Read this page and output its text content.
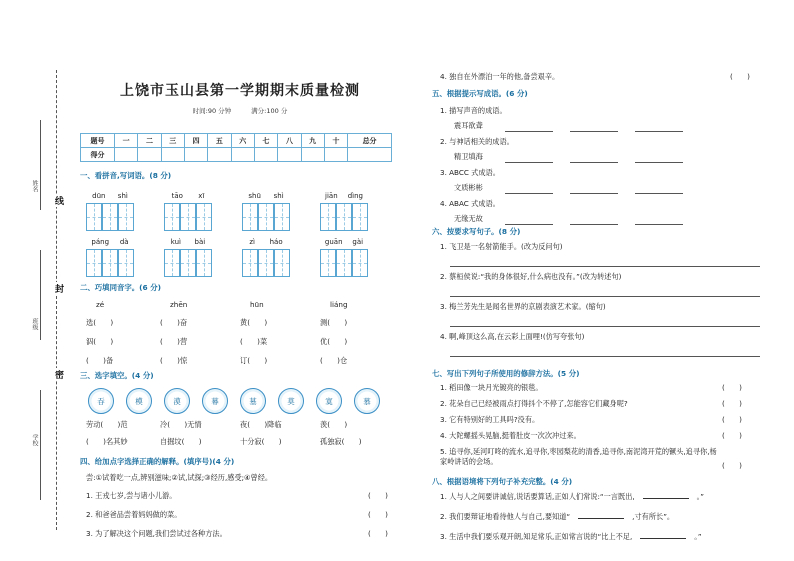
姓名
班级
学校
线
封
密
上饶市玉山县第一学期期末质量检测
时间:90 分钟	满分:100 分
题号	一	二	三	四	五	六	七	八	九	十	总分
得分											
一、看拼音,写词语。(8 分)
dūn shì	tāo xī	shū shì	jiān dìng
páng dà	kuì bài	zì háo	guān gài
二、巧填同音字。(6 分)
zé	zhēn	hūn	liáng
选(　　)	(　　)奋	黄(　　)	测(　　)
泅(　　)	(　　)营	(　　)菜	优(　　)
(　　)备	(　　)惊	订(　　)	(　　)仓
三、选字填空。(4 分)
吞	模	漠	幕	墓	莫	寞	慕
劳动(　　)范	冷(　　)无情	夜(　　)降临	羡(　　)
(　　)名其妙	自掘坟(　　)	十分寂(　　)	孤独寂(　　)
四、给加点字选择正确的解释。(填序号)(4 分)
尝:①试着吃一点,辨别滋味;②试,试探;③经历,感受;④曾经。
1. 王戎七岁,尝与诸小儿游。	(　　)
2. 和爸爸品尝着妈妈做的菜。	(　　)
3. 为了解决这个问题,我们尝试过各种方法。	(　　)
4. 独自在外漂泊一年的他,备尝艰辛。	(　　)
五、根据提示写成语。(6 分)
1. 描写声音的成语。
震耳欲聋
2. 与神话相关的成语。
精卫填海
3. ABCC 式成语。
文质彬彬
4. ABAC 式成语。
无缘无故
六、按要求写句子。(8 分)
1. 飞卫是一名射箭能手。(改为反问句)
2. 蔡桓侯说:“我的身体很好,什么病也没有。”(改为转述句)
3. 梅兰芳先生是闻名世界的京剧表演艺术家。(缩句)
4. 啊,峰顶这么高,在云彩上面哩!(仿写夸张句)
七、写出下列句子所使用的修辞方法。(5 分)
1. 稻田像一块月光镀亮的银毯。	(　　)
2. 花朵自己已经被雨点打得抖个不停了,怎能容它们藏身呢?	(　　)
3. 它有特别好的工具吗?没有。	(　　)
4. 大陀螺摇头晃脑,挺着肚皮一次次冲过来。	(　　)
5. 追寻你,延河叮咚的流水,追寻你,枣园梨花的清香,追寻你,南泥湾开荒的镢头,追寻你,杨家岭讲话的会场。	(　　)
八、根据语境将下列句子补充完整。(4 分)
1. 人与人之间要讲诚信,说话要算话,正如人们常说:“一言既出,	。”
2. 我们要辩证地看待他人与自己,要知道“	,寸有所长”。
3. 生活中我们要乐观开朗,知足常乐,正如常言说的“比上不足,	。”
